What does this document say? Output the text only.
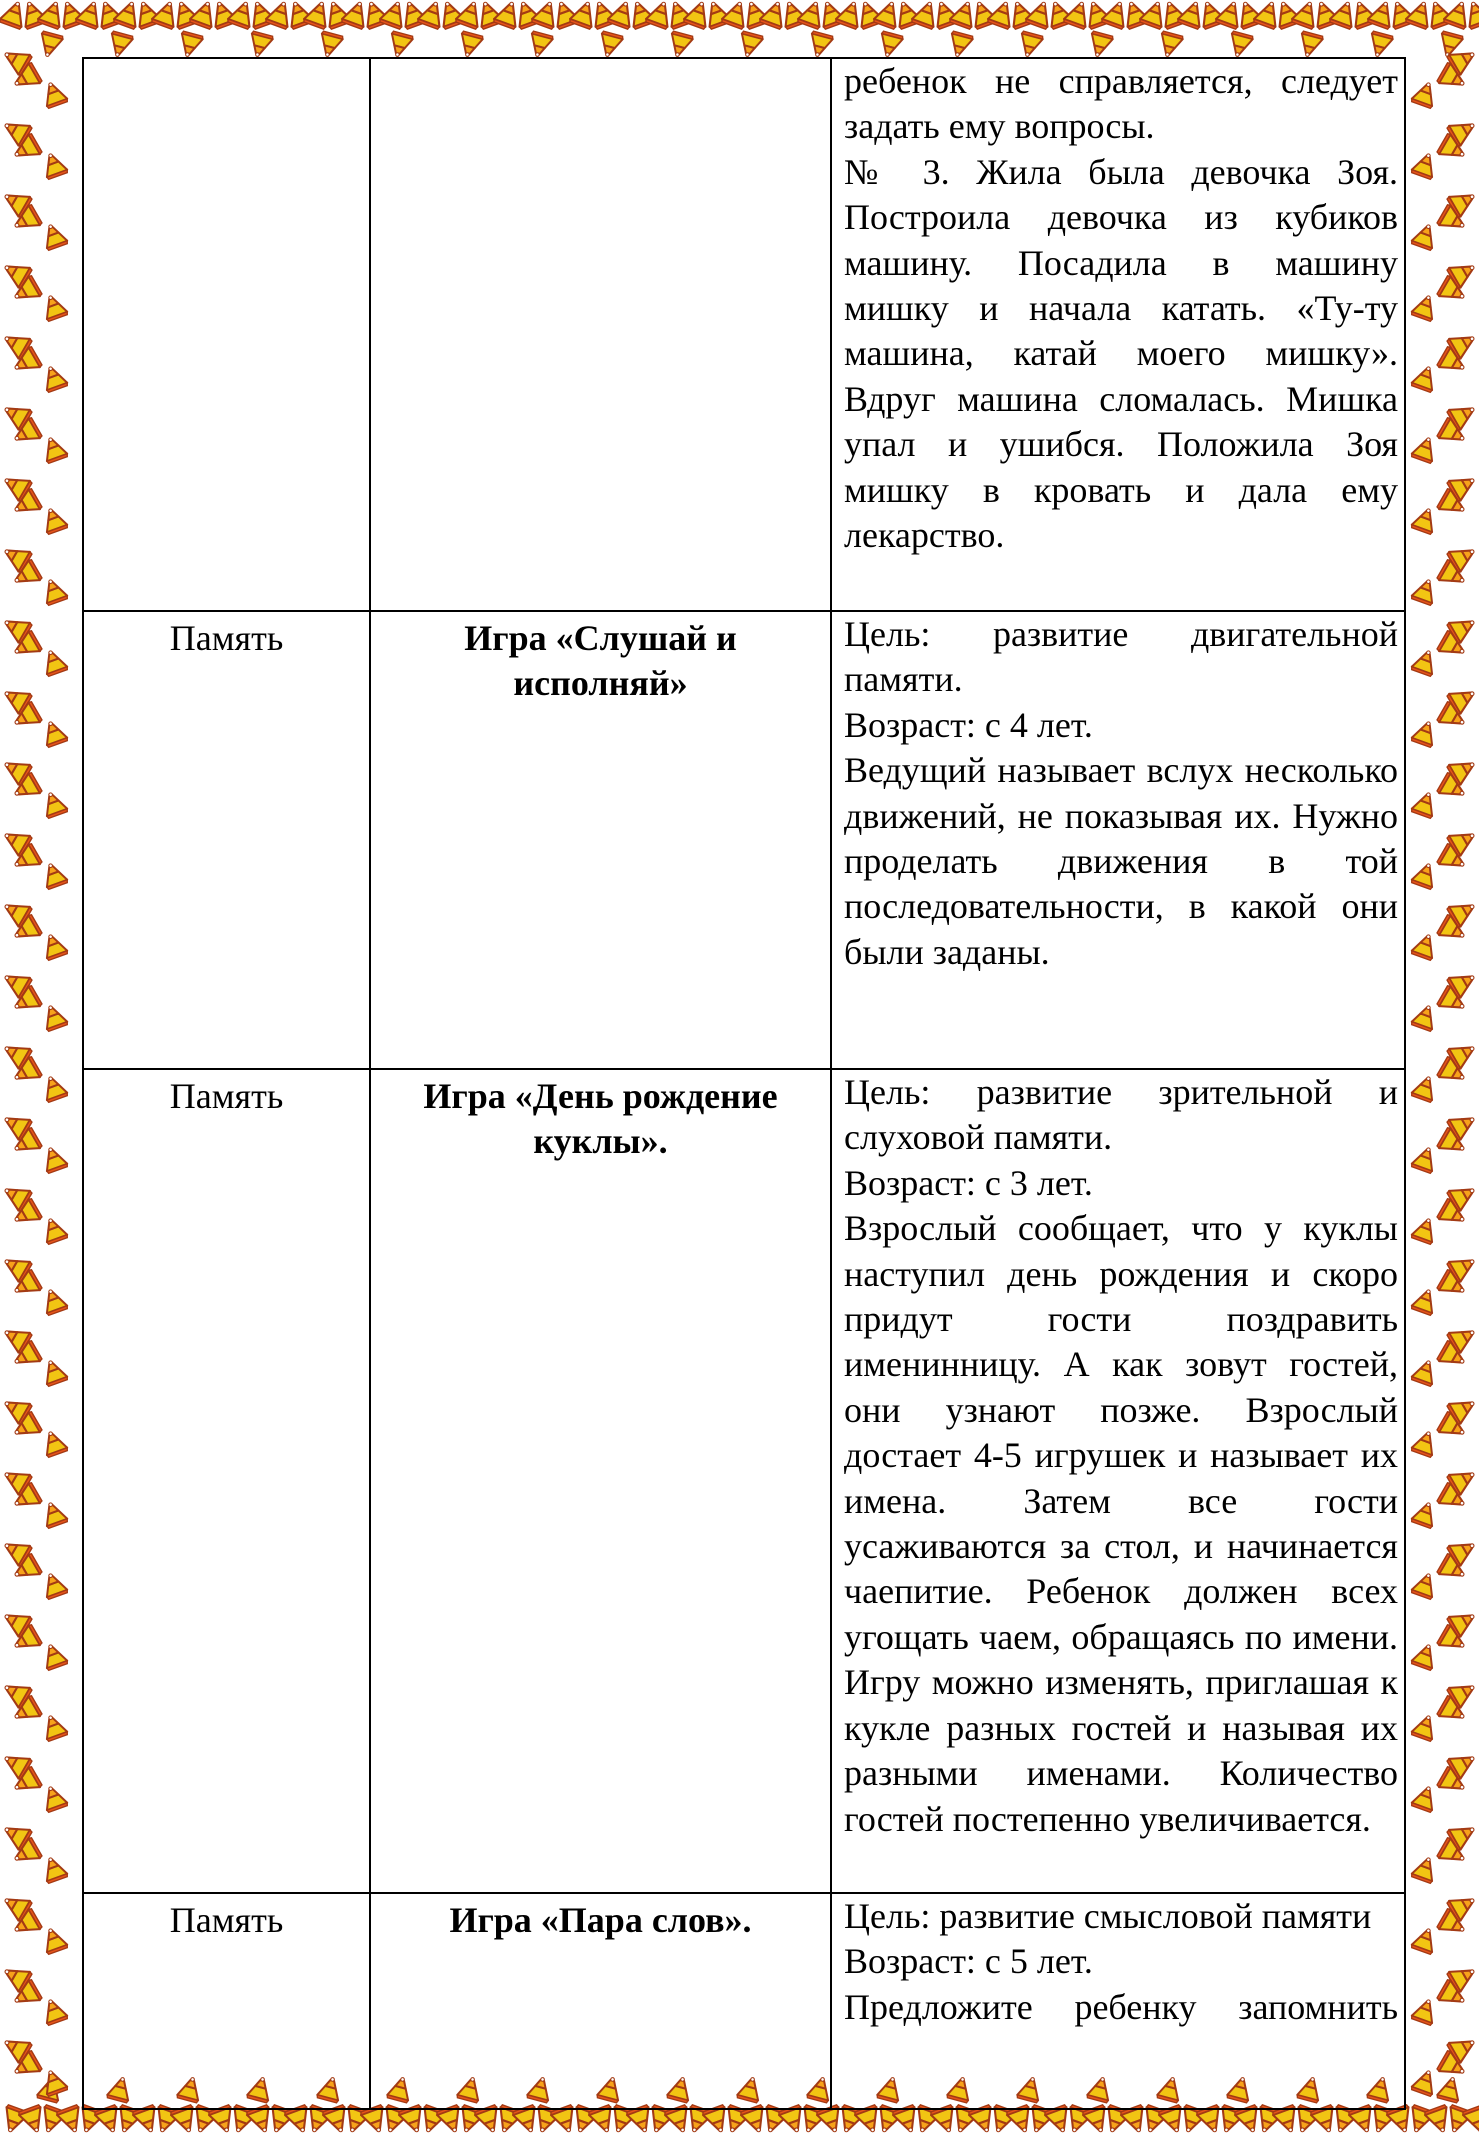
		ребенок не справляется, следует задать ему вопросы.

№ 3. Жила была девочка Зоя. Построила девочка из кубиков машину. Посадила в машину мишку и начала катать. «Ту-ту машина, катай моего мишку». Вдруг машина сломалась. Мишка упал и ушибся. Положила Зоя мишку в кровать и дала ему лекарство.

Память	Игра «Слушай и исполняй»	Цель: развитие двигательной памяти.

Возраст: с 4 лет.

Ведущий называет вслух несколько движений, не показывая их. Нужно проделать движения в той последовательности, в какой они были заданы.

Память	Игра «День рождение куклы».	Цель: развитие зрительной и слуховой памяти.

Возраст: с 3 лет.

Взрослый сообщает, что у куклы наступил день рождения и скоро придут гости поздравить именинницу. А как зовут гостей, они узнают позже. Взрослый достает 4-5 игрушек и называет их имена. Затем все гости усаживаются за стол, и начинается чаепитие. Ребенок должен всех угощать чаем, обращаясь по имени. Игру можно изменять, приглашая к кукле разных гостей и называя их разными именами. Количество гостей постепенно увеличивается.

Память	Игра «Пара слов».	Цель: развитие смысловой памяти

Возраст: с 5 лет.

Предложите ребенку запомнить
